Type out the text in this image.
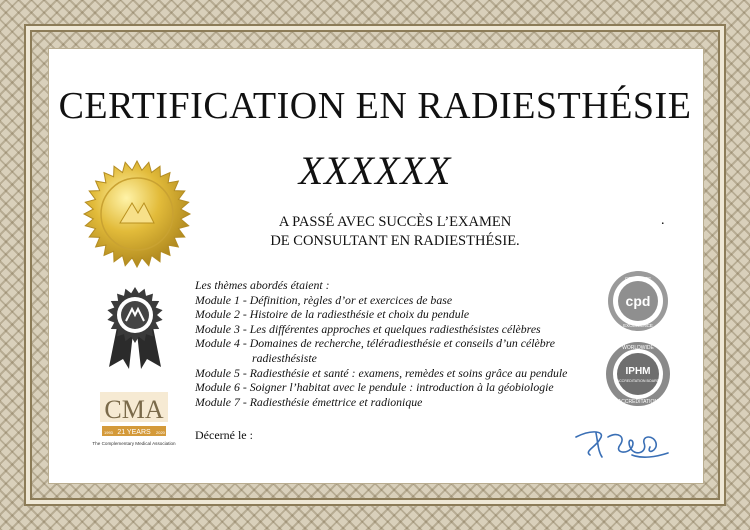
CERTIFICATION EN RADIESTHÉSIE
XXXXXX
A PASSÉ AVEC SUCCÈS L’EXAMEN
DE CONSULTANT EN RADIESTHÉSIE.
.
Les thèmes abordés étaient :
Module 1 - Définition, règles d’or et exercices de base
Module 2 - Histoire de la radiesthésie et choix du pendule
Module 3 - Les différentes approches et quelques radiesthésistes célèbres
Module 4 - Domaines de recherche, téléradiesthésie et conseils d’un célèbre
radiesthésiste
Module 5 - Radiesthésie et santé : examens, remèdes et soins grâce au pendule
Module 6 - Soigner l’habitat avec le pendule : introduction à la géobiologie
Module 7 - Radiesthésie émettrice et radionique
Décerné le :
CMA
21 YEARS
1993	2020
The Complementary Medical Association
cpd
CENTRE OF
EXCELLENCE
IPHM
ACCREDITATION BOARD
WORLDWIDE
ACCREDITATION
